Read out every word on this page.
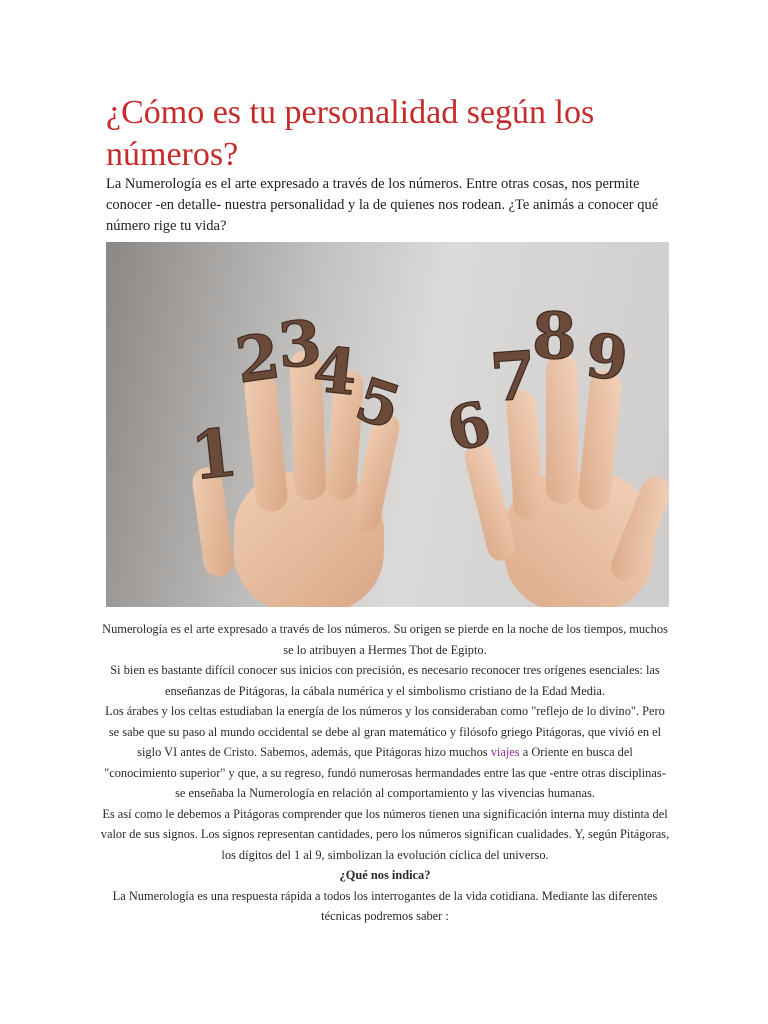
¿Cómo es tu personalidad según los números?

La Numerología es el arte expresado a través de los números. Entre otras cosas, nos permite conocer -en detalle- nuestra personalidad y la de quienes nos rodean. ¿Te animás a conocer qué número rige tu vida?

1
2
3
4
5 6
7
8 9

Numerología es el arte expresado a través de los números. Su origen se pierde en la noche de los tiempos, muchos se lo atribuyen a Hermes Thot de Egipto.

Si bien es bastante difícil conocer sus inicios con precisión, es necesario reconocer tres orígenes esenciales: las enseñanzas de Pitágoras, la cábala numérica y el simbolismo cristiano de la Edad Media.

Los árabes y los celtas estudiaban la energía de los números y los consideraban como "reflejo de lo divino". Pero se sabe que su paso al mundo occidental se debe al gran matemático y filósofo griego Pitágoras, que vivió en el siglo VI antes de Cristo. Sabemos, además, que Pitágoras hizo muchos viajes a Oriente en busca del "conocimiento superior" y que, a su regreso, fundó numerosas hermandades entre las que -entre otras disciplinas- se enseñaba la Numerología en relación al comportamiento y las vivencias humanas.

Es así como le debemos a Pitágoras comprender que los números tienen una significación interna muy distinta del valor de sus signos. Los signos representan cantidades, pero los números significan cualidades. Y, según Pitágoras, los dígitos del 1 al 9, simbolizan la evolución cíclica del universo.

¿Qué nos indica?

La Numerología es una respuesta rápida a todos los interrogantes de la vida cotidiana. Mediante las diferentes técnicas podremos saber :
